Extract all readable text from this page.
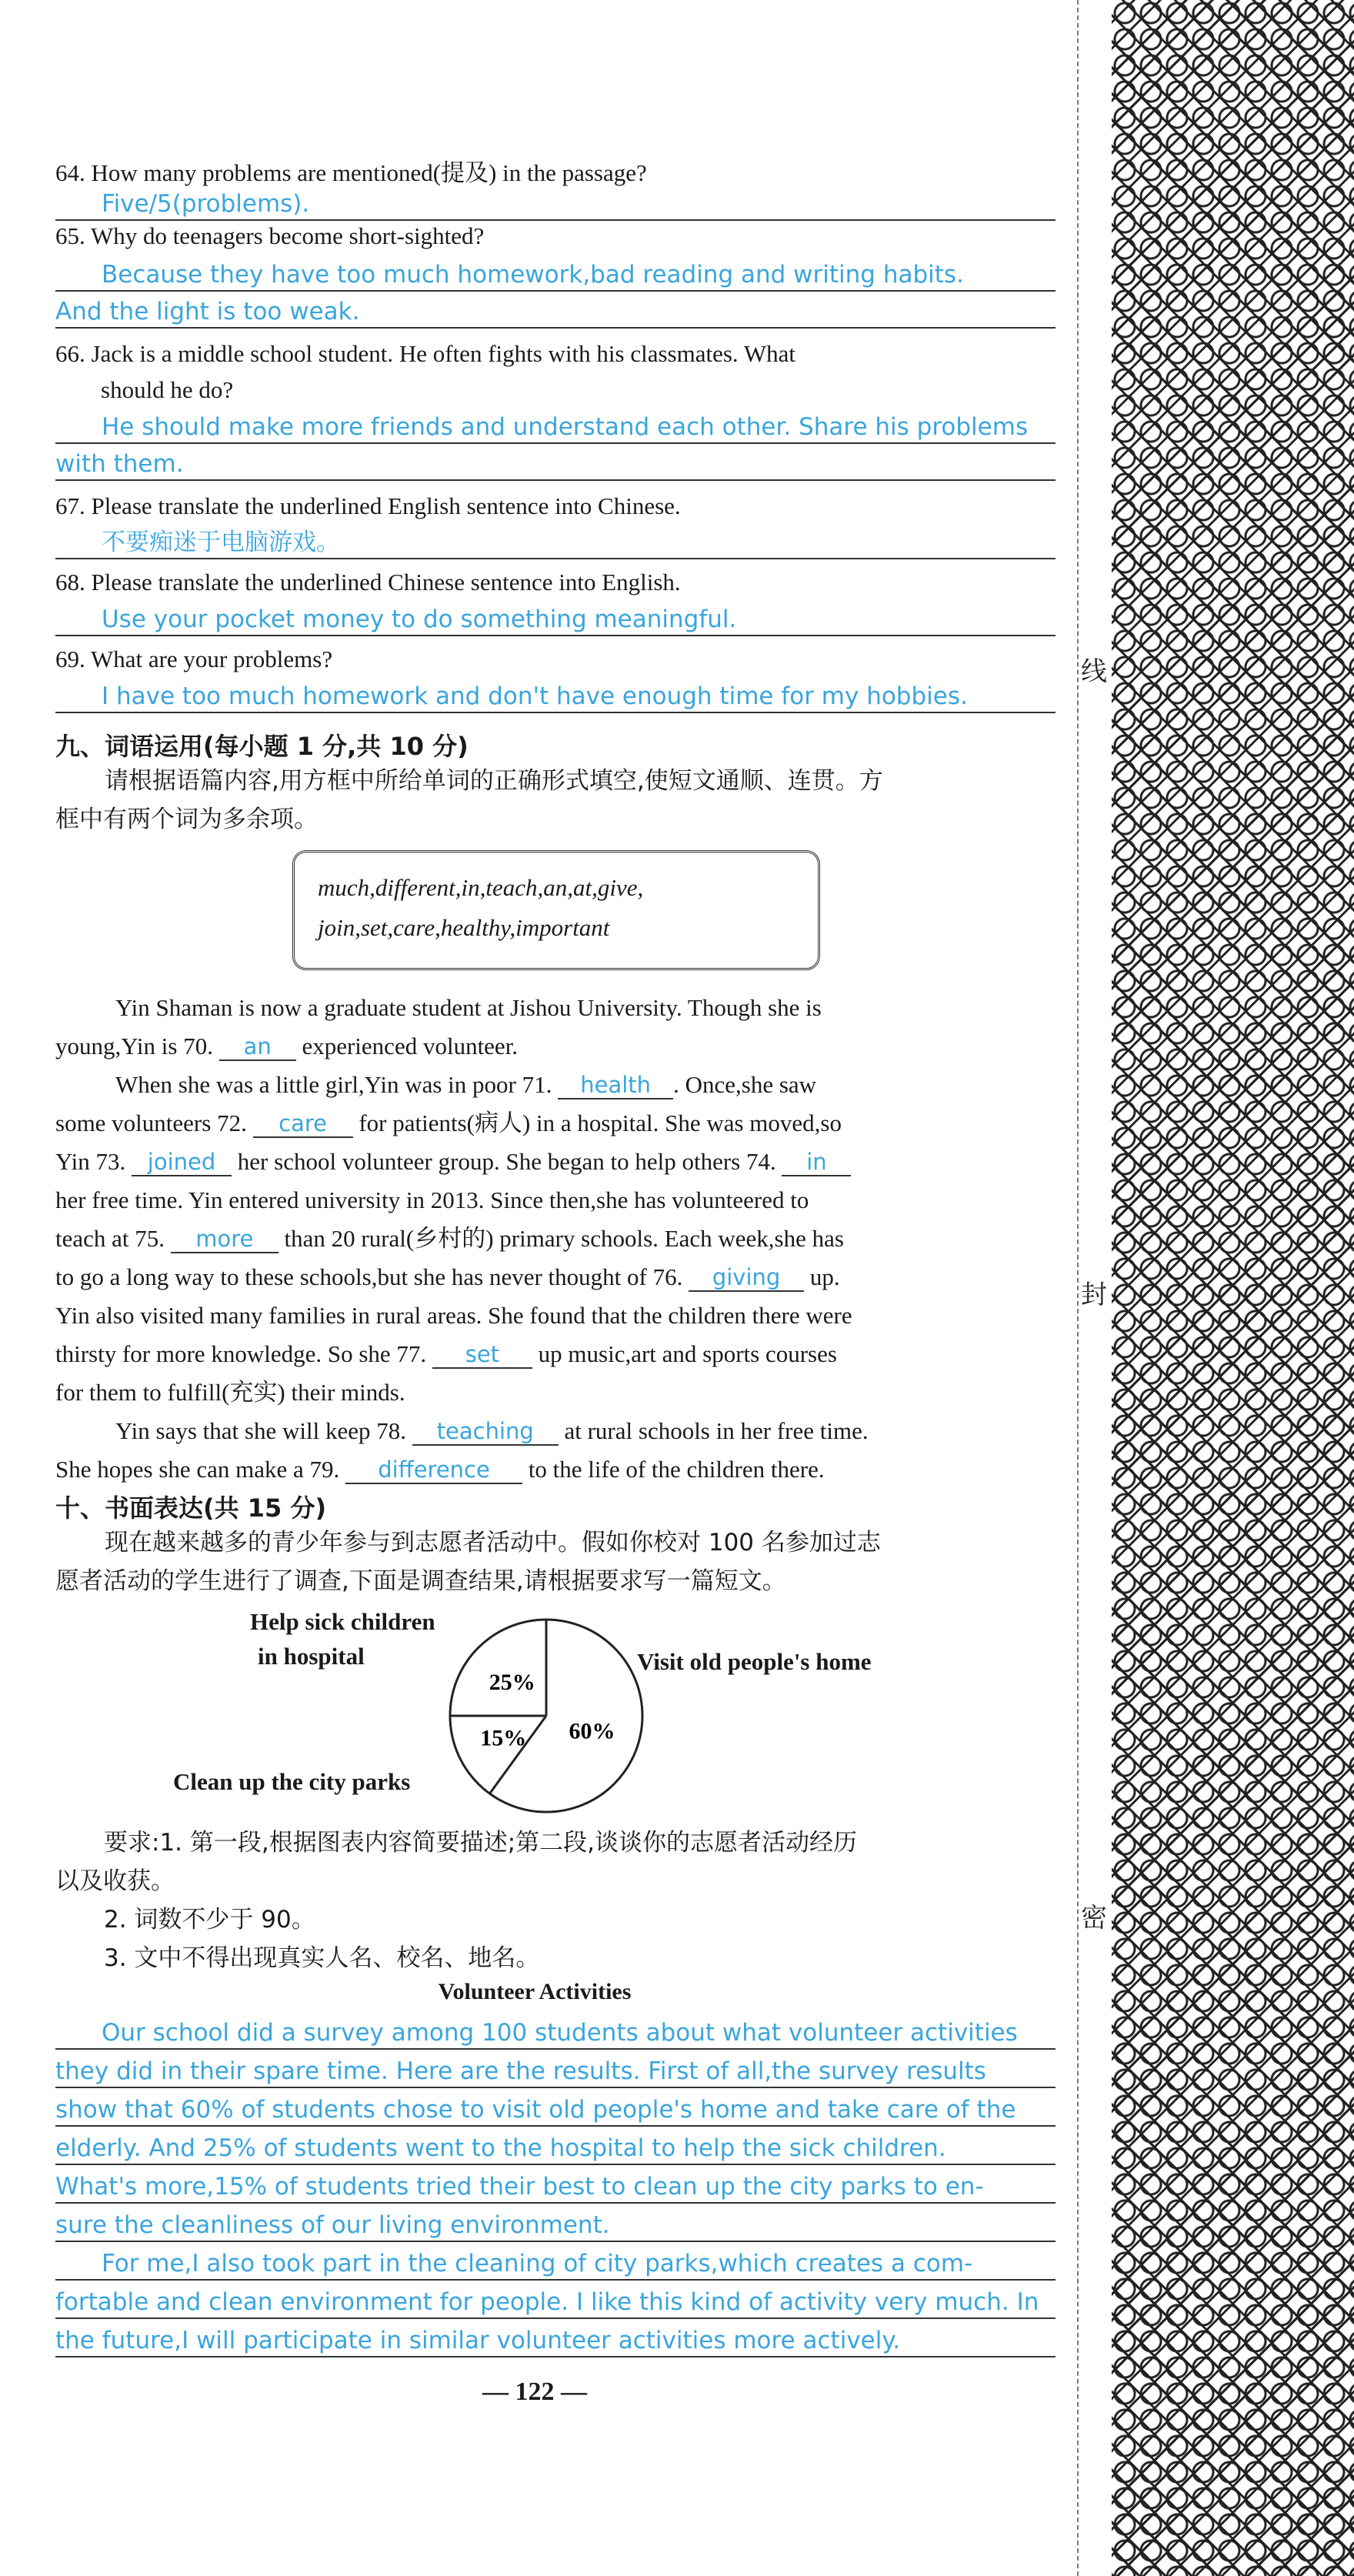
64. How many problems are mentioned(提及) in the passage?
Five/5(problems).
65. Why do teenagers become short-sighted?
Because they have too much homework,bad reading and writing habits.
And the light is too weak.
66. Jack is a middle school student. He often fights with his classmates. What
should he do?
He should make more friends and understand each other. Share his problems
with them.
67. Please translate the underlined English sentence into Chinese.
不要痴迷于电脑游戏。
68. Please translate the underlined Chinese sentence into English.
Use your pocket money to do something meaningful.
69. What are your problems?
I have too much homework and don't have enough time for my hobbies.
九、词语运用(每小题 1 分,共 10 分)
请根据语篇内容,用方框中所给单词的正确形式填空,使短文通顺、连贯。方
框中有两个词为多余项。
much,different,in,teach,an,at,give,
join,set,care,healthy,important
Yin Shaman is now a graduate student at Jishou University. Though she is
young,Yin is 70. an experienced volunteer.
When she was a little girl,Yin was in poor 71. health . Once,she saw
some volunteers 72. care for patients(病人) in a hospital. She was moved,so
Yin 73. joined her school volunteer group. She began to help others 74. in
her free time. Yin entered university in 2013. Since then,she has volunteered to
teach at 75. more than 20 rural(乡村的) primary schools. Each week,she has
to go a long way to these schools,but she has never thought of 76. giving up.
Yin also visited many families in rural areas. She found that the children there were
thirsty for more knowledge. So she 77. set up music,art and sports courses
for them to fulfill(充实) their minds.
Yin says that she will keep 78. teaching at rural schools in her free time.
She hopes she can make a 79. difference to the life of the children there.
十、书面表达(共 15 分)
现在越来越多的青少年参与到志愿者活动中。假如你校对 100 名参加过志
愿者活动的学生进行了调查,下面是调查结果,请根据要求写一篇短文。
Help sick children
in hospital	Visit old people's home
Clean up the city parks
25%
15% 60%
要求:1. 第一段,根据图表内容简要描述;第二段,谈谈你的志愿者活动经历
以及收获。
2. 词数不少于 90。
3. 文中不得出现真实人名、校名、地名。
Volunteer Activities
Our school did a survey among 100 students about what volunteer activities
they did in their spare time. Here are the results. First of all,the survey results
show that 60% of students chose to visit old people's home and take care of the
elderly. And 25% of students went to the hospital to help the sick children.
What's more,15% of students tried their best to clean up the city parks to en-
sure the cleanliness of our living environment.
For me,I also took part in the cleaning of city parks,which creates a com-
fortable and clean environment for people. I like this kind of activity very much. In
the future,I will participate in similar volunteer activities more actively.
— 122 —
线
封
密
